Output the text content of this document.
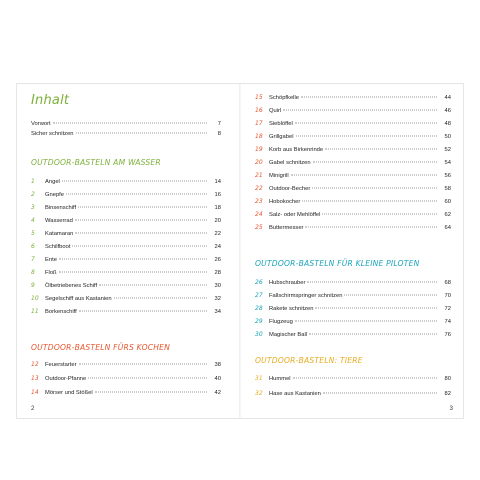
Inhalt
Vorwort	7
Sicher schnitzen	8
OUTDOOR-BASTELN AM WASSER
1	Angel	14
2	Gnepfe	16
3	Binsenschiff	18
4	Wasserrad	20
5	Katamaran	22
6	Schilfboot	24
7	Ente	26
8	Floß	28
9	Ölbetriebenes Schiff	30
10	Segelschiff aus Kastanien	32
11	Borkenschiff	34
OUTDOOR-BASTELN FÜRS KOCHEN
12	Feuerstarter	38
13	Outdoor-Pfanne	40
14	Mörser und Stößel	42
2
15	Schöpfkelle	44
16	Quirl	46
17	Sieblöffel	48
18	Grillgabel	50
19	Korb aus Birkenrinde	52
20	Gabel schnitzen	54
21	Minigrill	56
22	Outdoor-Becher	58
23	Hobokocher	60
24	Salz- oder Mehlöffel	62
25	Buttermesser	64
OUTDOOR-BASTELN FÜR KLEINE PILOTEN
26	Hubschrauber	68
27	Fallschirmspringer schnitzen	70
28	Rakete schnitzen	72
29	Flugzeug	74
30	Magischer Ball	76
OUTDOOR-BASTELN: TIERE
31	Hummel	80
32	Hase aus Kastanien	82
3
